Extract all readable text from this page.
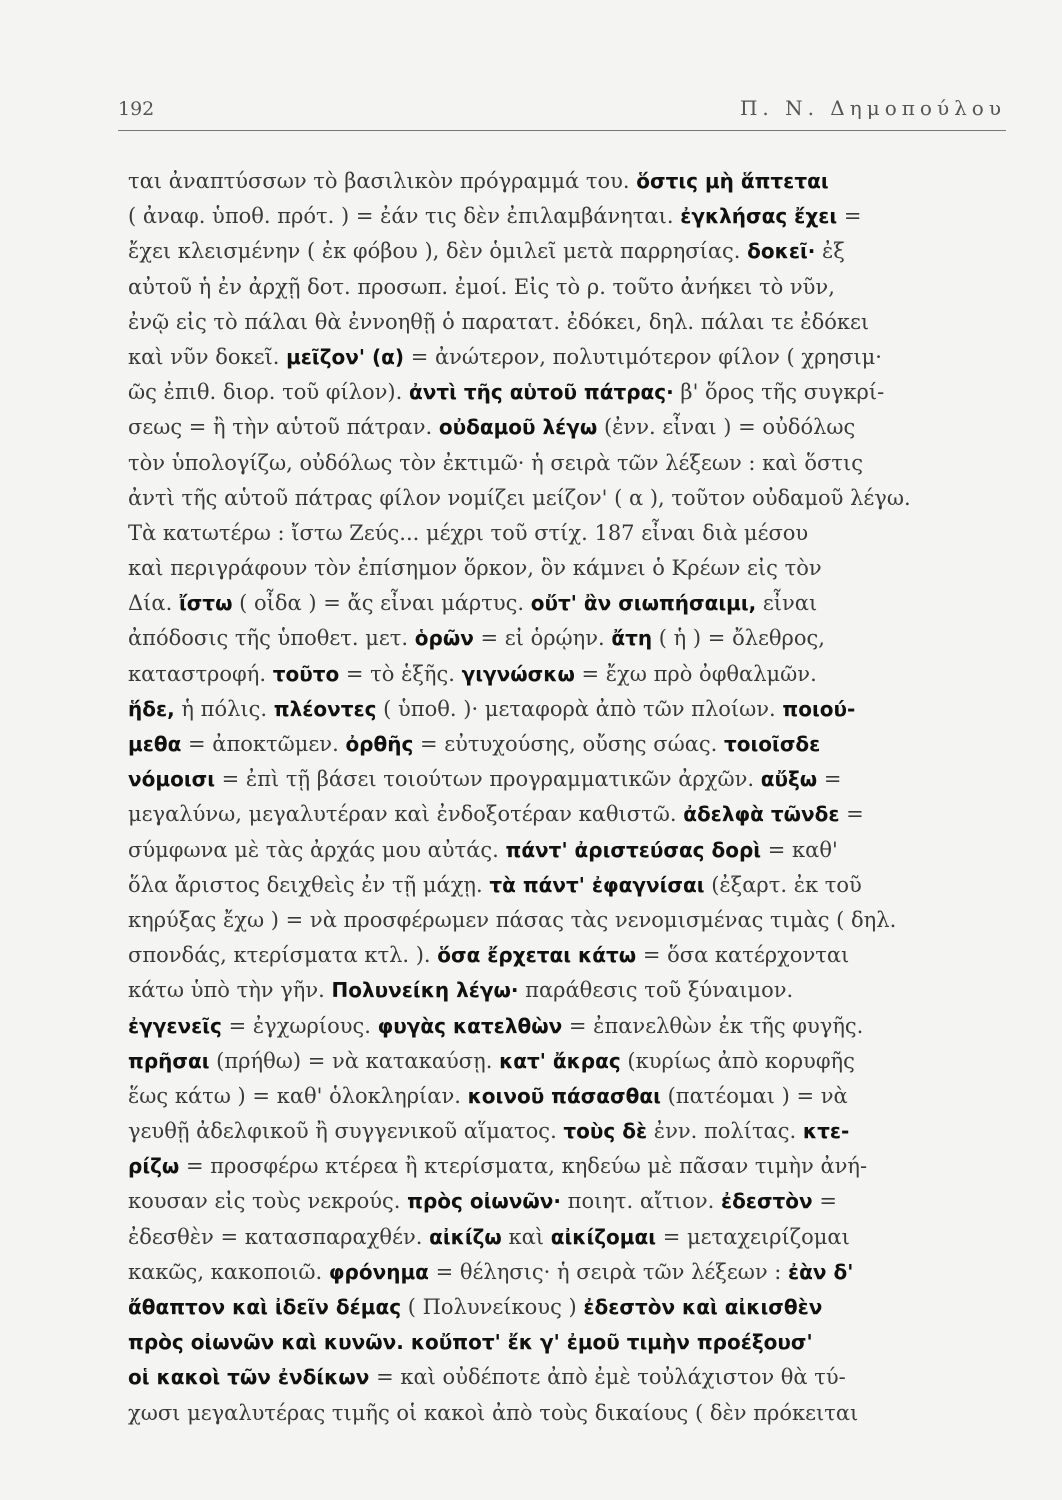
192	Π. Ν. Δημοπούλου
ται ἀναπτύσσων τὸ βασιλικὸν πρόγραμμά του. ὅστις μὴ ἅπτεται
( ἀναφ. ὑποθ. πρότ. ) = ἐάν τις δὲν ἐπιλαμβάνηται. ἐγκλήσας ἔχει =
ἔχει κλεισμένην ( ἐκ φόβου ), δὲν ὁμιλεῖ μετὰ παρρησίας. δοκεῖ· ἐξ
αὐτοῦ ἡ ἐν ἀρχῇ δοτ. προσωπ. ἐμοί. Εἰς τὸ ρ. τοῦτο ἀνήκει τὸ νῦν,
ἐνῷ εἰς τὸ πάλαι θὰ ἐννοηθῇ ὁ παρατατ. ἐδόκει, δηλ. πάλαι τε ἐδόκει
καὶ νῦν δοκεῖ. μεῖζον' (α) = ἀνώτερον, πολυτιμότερον φίλον ( χρησιμ·
ῶς ἐπιθ. διορ. τοῦ φίλον). ἀντὶ τῆς αὑτοῦ πάτρας· β' ὅρος τῆς συγκρί-
σεως = ἢ τὴν αὑτοῦ πάτραν. οὐδαμοῦ λέγω (ἐνν. εἶναι ) = οὐδόλως
τὸν ὑπολογίζω, οὐδόλως τὸν ἐκτιμῶ· ἡ σειρὰ τῶν λέξεων : καὶ ὅστις
ἀντὶ τῆς αὑτοῦ πάτρας φίλον νομίζει μείζον' ( α ), τοῦτον οὐδαμοῦ λέγω.
Τὰ κατωτέρω : ἴστω Ζεύς... μέχρι τοῦ στίχ. 187 εἶναι διὰ μέσου
καὶ περιγράφουν τὸν ἐπίσημον ὅρκον, ὃν κάμνει ὁ Κρέων εἰς τὸν
Δία. ἴστω ( οἶδα ) = ἄς εἶναι μάρτυς. οὔτ' ἂν σιωπήσαιμι, εἶναι
ἀπόδοσις τῆς ὑποθετ. μετ. ὁρῶν = εἰ ὁρῴην. ἄτη ( ἡ ) = ὄλεθρος,
καταστροφή. τοῦτο = τὸ ἑξῆς. γιγνώσκω = ἔχω πρὸ ὀφθαλμῶν.
ἥδε, ἡ πόλις. πλέοντες ( ὑποθ. )· μεταφορὰ ἀπὸ τῶν πλοίων. ποιού-
μεθα = ἀποκτῶμεν. ὀρθῆς = εὐτυχούσης, οὔσης σώας. τοιοῖσδε
νόμοισι = ἐπὶ τῇ βάσει τοιούτων προγραμματικῶν ἀρχῶν. αὔξω =
μεγαλύνω, μεγαλυτέραν καὶ ἐνδοξοτέραν καθιστῶ. ἀδελφὰ τῶνδε =
σύμφωνα μὲ τὰς ἀρχάς μου αὐτάς. πάντ' ἀριστεύσας δορὶ = καθ'
ὅλα ἄριστος δειχθεὶς ἐν τῇ μάχῃ. τὰ πάντ' ἐφαγνίσαι (ἐξαρτ. ἐκ τοῦ
κηρύξας ἔχω ) = νὰ προσφέρωμεν πάσας τὰς νενομισμένας τιμὰς ( δηλ.
σπονδάς, κτερίσματα κτλ. ). ὅσα ἔρχεται κάτω = ὅσα κατέρχονται
κάτω ὑπὸ τὴν γῆν. Πολυνείκη λέγω· παράθεσις τοῦ ξύναιμον.
ἐγγενεῖς = ἐγχωρίους. φυγὰς κατελθὼν = ἐπανελθὼν ἐκ τῆς φυγῆς.
πρῆσαι (πρήθω) = νὰ κατακαύσῃ. κατ' ἄκρας (κυρίως ἀπὸ κορυφῆς
ἕως κάτω ) = καθ' ὁλοκληρίαν. κοινοῦ πάσασθαι (πατέομαι ) = νὰ
γευθῇ ἀδελφικοῦ ἢ συγγενικοῦ αἵματος. τοὺς δὲ ἐνν. πολίτας. κτε-
ρίζω = προσφέρω κτέρεα ἢ κτερίσματα, κηδεύω μὲ πᾶσαν τιμὴν ἀνή-
κουσαν εἰς τοὺς νεκρούς. πρὸς οἰωνῶν· ποιητ. αἴτιον. ἐδεστὸν =
ἐδεσθὲν = κατασπαραχθέν. αἰκίζω καὶ αἰκίζομαι = μεταχειρίζομαι
κακῶς, κακοποιῶ. φρόνημα = θέλησις· ἡ σειρὰ τῶν λέξεων : ἐὰν δ'
ἄθαπτον καὶ ἰδεῖν δέμας ( Πολυνείκους ) ἐδεστὸν καὶ αἰκισθὲν
πρὸς οἰωνῶν καὶ κυνῶν. κοὔποτ' ἔκ γ' ἐμοῦ τιμὴν προέξουσ'
οἱ κακοὶ τῶν ἐνδίκων = καὶ οὐδέποτε ἀπὸ ἐμὲ τοὐλάχιστον θὰ τύ-
χωσι μεγαλυτέρας τιμῆς οἱ κακοὶ ἀπὸ τοὺς δικαίους ( δὲν πρόκειται
